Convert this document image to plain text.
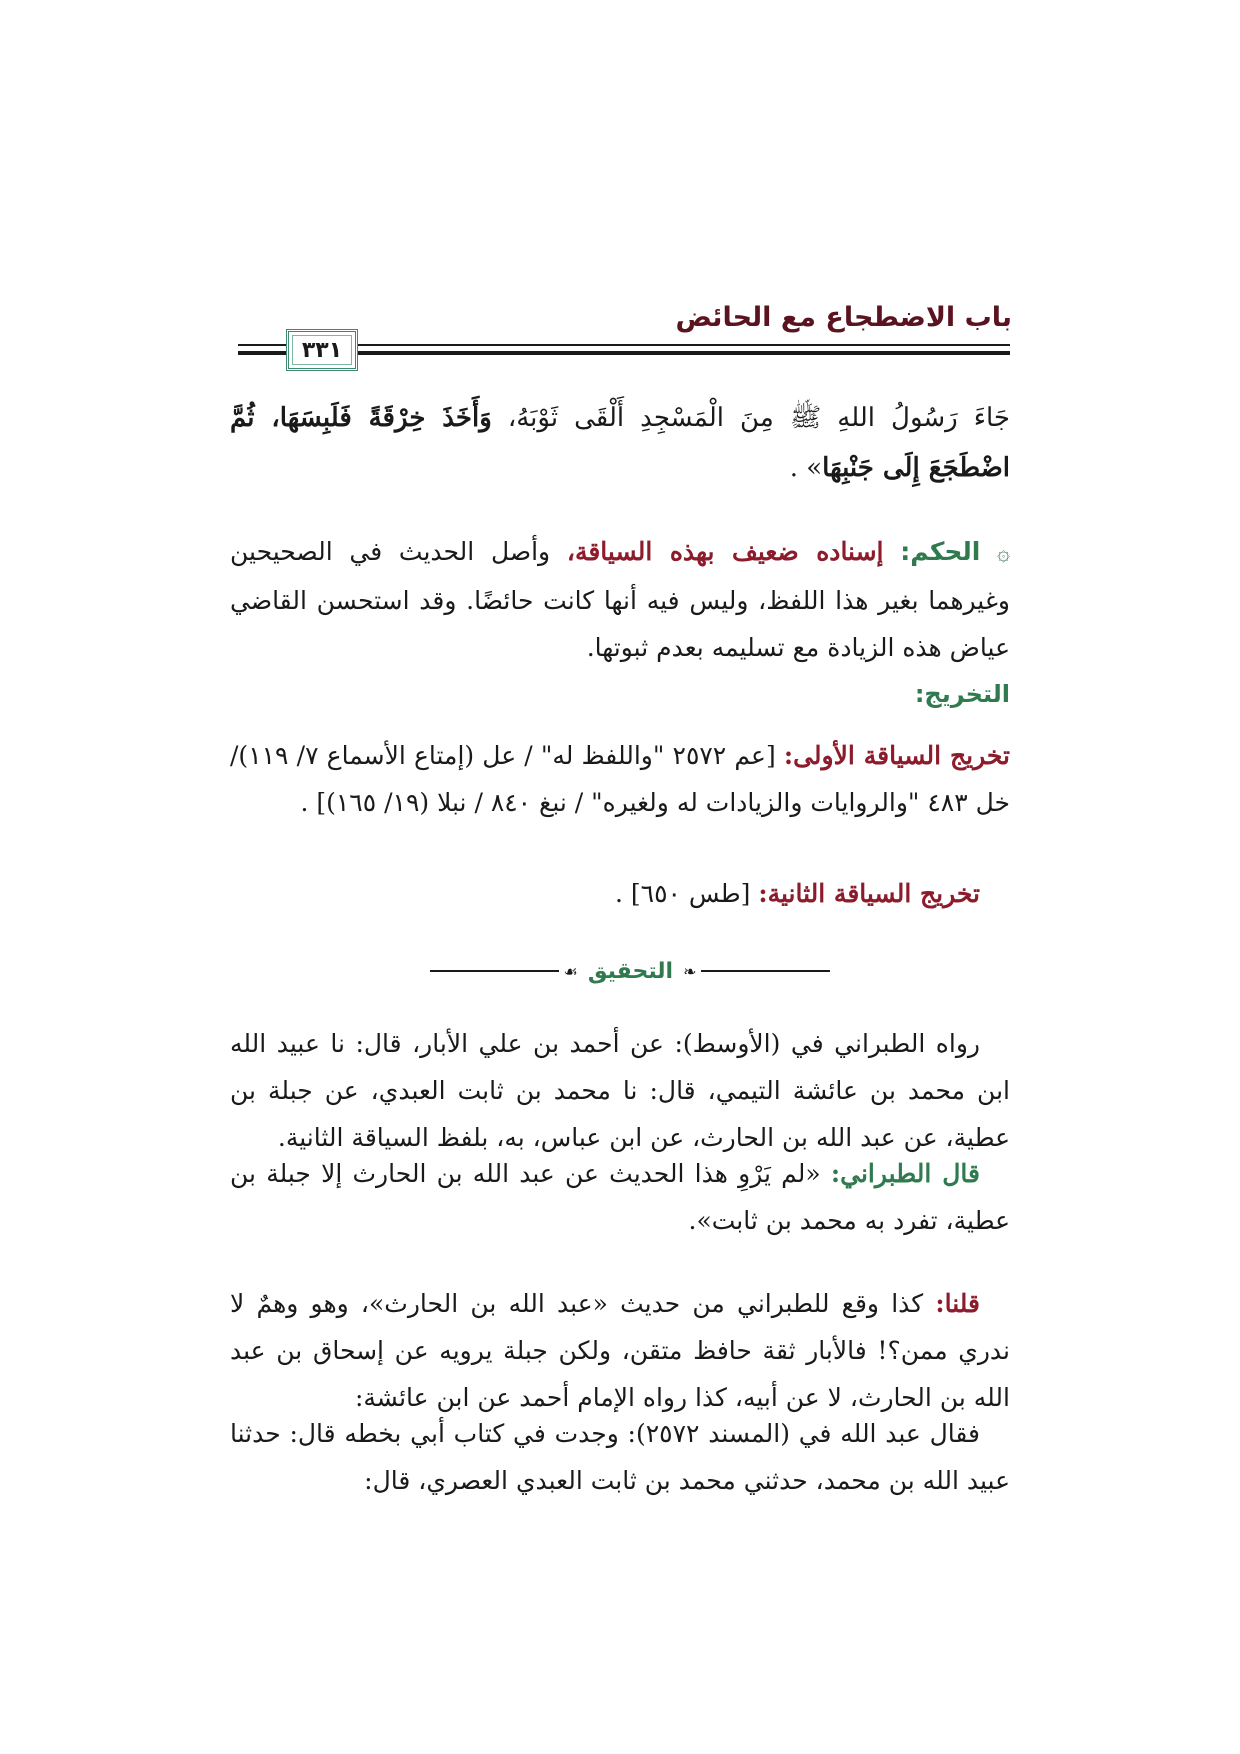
باب الاضطجاع مع الحائض
٣٣١

جَاءَ رَسُولُ اللهِ ﷺ مِنَ الْمَسْجِدِ أَلْقَى ثَوْبَهُ، وَأَخَذَ خِرْقَةً فَلَبِسَهَا، ثُمَّ اضْطَجَعَ إِلَى جَنْبِهَا» .

۞ الحكم: إسناده ضعيف بهذه السياقة، وأصل الحديث في الصحيحين وغيرهما بغير هذا اللفظ، وليس فيه أنها كانت حائضًا. وقد استحسن القاضي عياض هذه الزيادة مع تسليمه بعدم ثبوتها.

التخريج:

تخريج السياقة الأولى: [عم ٢٥٧٢ "واللفظ له" / عل (إمتاع الأسماع ٧/ ١١٩)/ خل ٤٨٣ "والروايات والزيادات له ولغيره" / نبغ ٨٤٠ / نبلا (١٩/ ١٦٥)] .

تخريج السياقة الثانية: [طس ٦٥٠] .

❧
التحقيق
☙

رواه الطبراني في (الأوسط): عن أحمد بن علي الأبار، قال: نا عبيد الله ابن محمد بن عائشة التيمي، قال: نا محمد بن ثابت العبدي، عن جبلة بن عطية، عن عبد الله بن الحارث، عن ابن عباس، به، بلفظ السياقة الثانية.

قال الطبراني: «لم يَرْوِ هذا الحديث عن عبد الله بن الحارث إلا جبلة بن عطية، تفرد به محمد بن ثابت».

قلنا: كذا وقع للطبراني من حديث «عبد الله بن الحارث»، وهو وهمٌ لا ندري ممن؟! فالأبار ثقة حافظ متقن، ولكن جبلة يرويه عن إسحاق بن عبد الله بن الحارث، لا عن أبيه، كذا رواه الإمام أحمد عن ابن عائشة:

فقال عبد الله في (المسند ٢٥٧٢): وجدت في كتاب أبي بخطه قال: حدثنا عبيد الله بن محمد، حدثني محمد بن ثابت العبدي العصري، قال:
